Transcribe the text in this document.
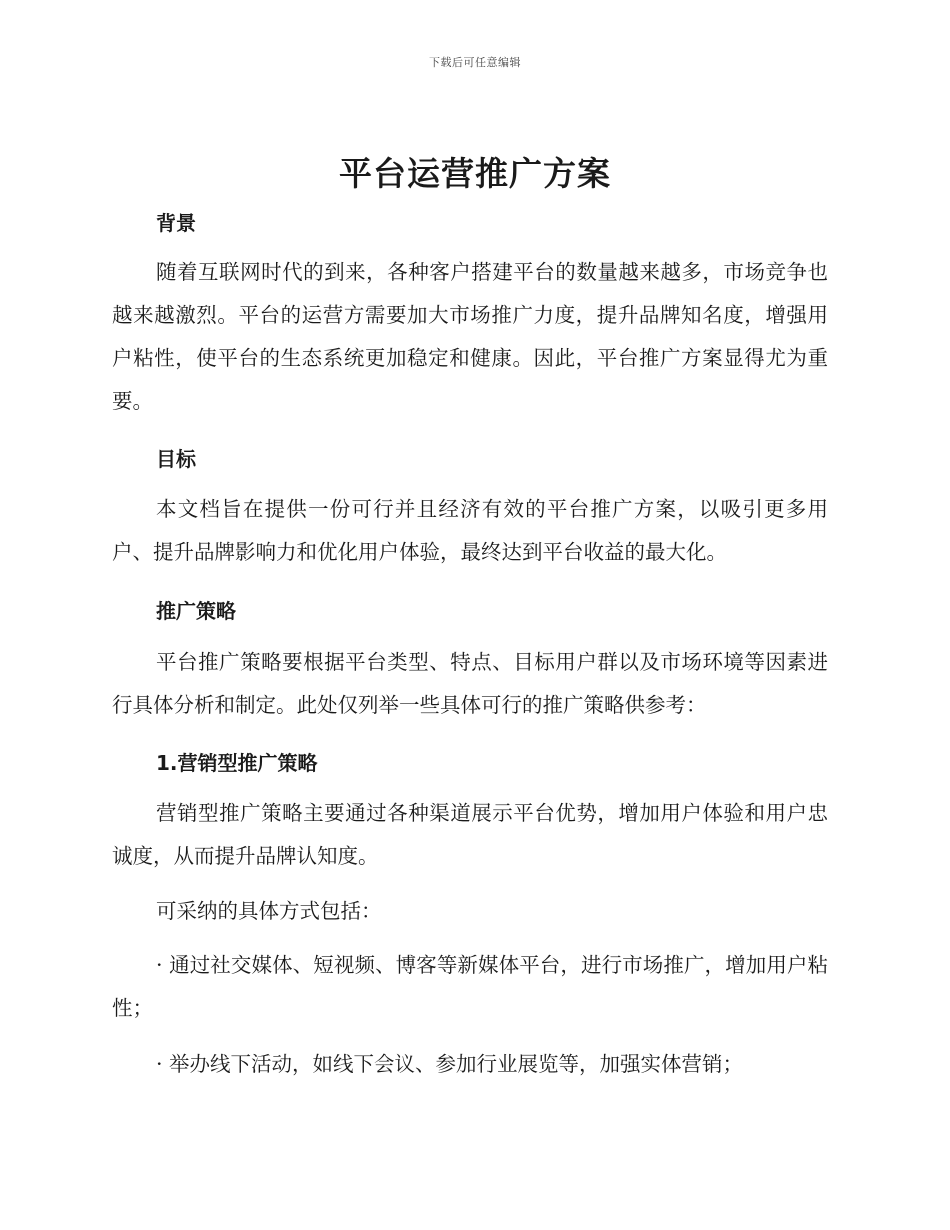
下载后可任意编辑
平台运营推广方案
背景

随着互联网时代的到来，各种客户搭建平台的数量越来越多，市场竞争也越来越激烈。平台的运营方需要加大市场推广力度，提升品牌知名度，增强用户粘性，使平台的生态系统更加稳定和健康。因此，平台推广方案显得尤为重要。

目标

本文档旨在提供一份可行并且经济有效的平台推广方案，以吸引更多用户、提升品牌影响力和优化用户体验，最终达到平台收益的最大化。

推广策略

平台推广策略要根据平台类型、特点、目标用户群以及市场环境等因素进行具体分析和制定。此处仅列举一些具体可行的推广策略供参考：

1.营销型推广策略

营销型推广策略主要通过各种渠道展示平台优势，增加用户体验和用户忠诚度，从而提升品牌认知度。

可采纳的具体方式包括：

· 通过社交媒体、短视频、博客等新媒体平台，进行市场推广，增加用户粘性；

· 举办线下活动，如线下会议、参加行业展览等，加强实体营销；
